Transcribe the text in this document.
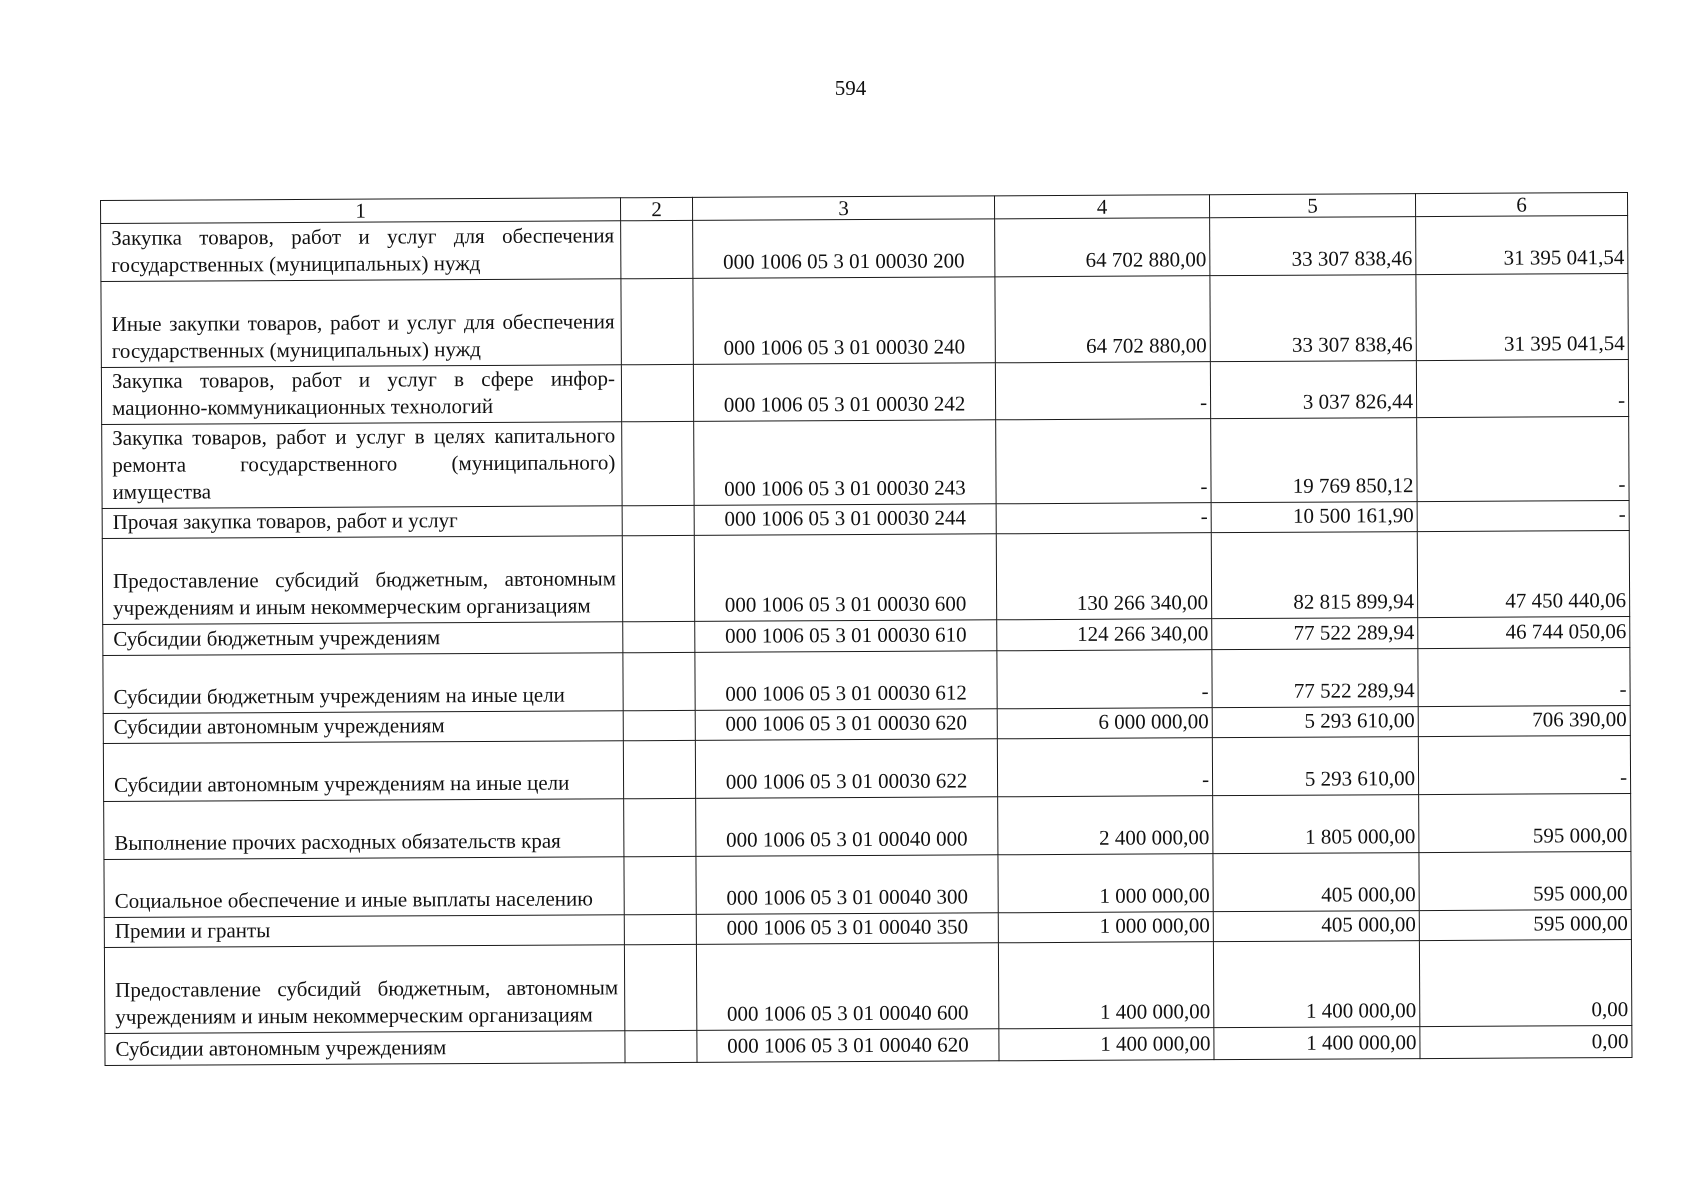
594
1	2	3	4	5	6
Закупка товаров, работ и услуг для обеспечения государственных (муниципальных) нужд		000 1006 05 3 01 00030 200	64 702 880,00	33 307 838,46	31 395 041,54
Иные закупки товаров, работ и услуг для обеспечения государственных (муниципальных) нужд		000 1006 05 3 01 00030 240	64 702 880,00	33 307 838,46	31 395 041,54
Закупка товаров, работ и услуг в сфере информационно-коммуникационных технологий		000 1006 05 3 01 00030 242	-	3 037 826,44	-
Закупка товаров, работ и услуг в целях капитального ремонта государственного (муниципального) имущества		000 1006 05 3 01 00030 243	-	19 769 850,12	-
Прочая закупка товаров, работ и услуг		000 1006 05 3 01 00030 244	-	10 500 161,90	-
Предоставление субсидий бюджетным, автономным учреждениям и иным некоммерческим организациям		000 1006 05 3 01 00030 600	130 266 340,00	82 815 899,94	47 450 440,06
Субсидии бюджетным учреждениям		000 1006 05 3 01 00030 610	124 266 340,00	77 522 289,94	46 744 050,06
Субсидии бюджетным учреждениям на иные цели		000 1006 05 3 01 00030 612	-	77 522 289,94	-
Субсидии автономным учреждениям		000 1006 05 3 01 00030 620	6 000 000,00	5 293 610,00	706 390,00
Субсидии автономным учреждениям на иные цели		000 1006 05 3 01 00030 622	-	5 293 610,00	-
Выполнение прочих расходных обязательств края		000 1006 05 3 01 00040 000	2 400 000,00	1 805 000,00	595 000,00
Социальное обеспечение и иные выплаты населению		000 1006 05 3 01 00040 300	1 000 000,00	405 000,00	595 000,00
Премии и гранты		000 1006 05 3 01 00040 350	1 000 000,00	405 000,00	595 000,00
Предоставление субсидий бюджетным, автономным учреждениям и иным некоммерческим организациям		000 1006 05 3 01 00040 600	1 400 000,00	1 400 000,00	0,00
Субсидии автономным учреждениям		000 1006 05 3 01 00040 620	1 400 000,00	1 400 000,00	0,00
